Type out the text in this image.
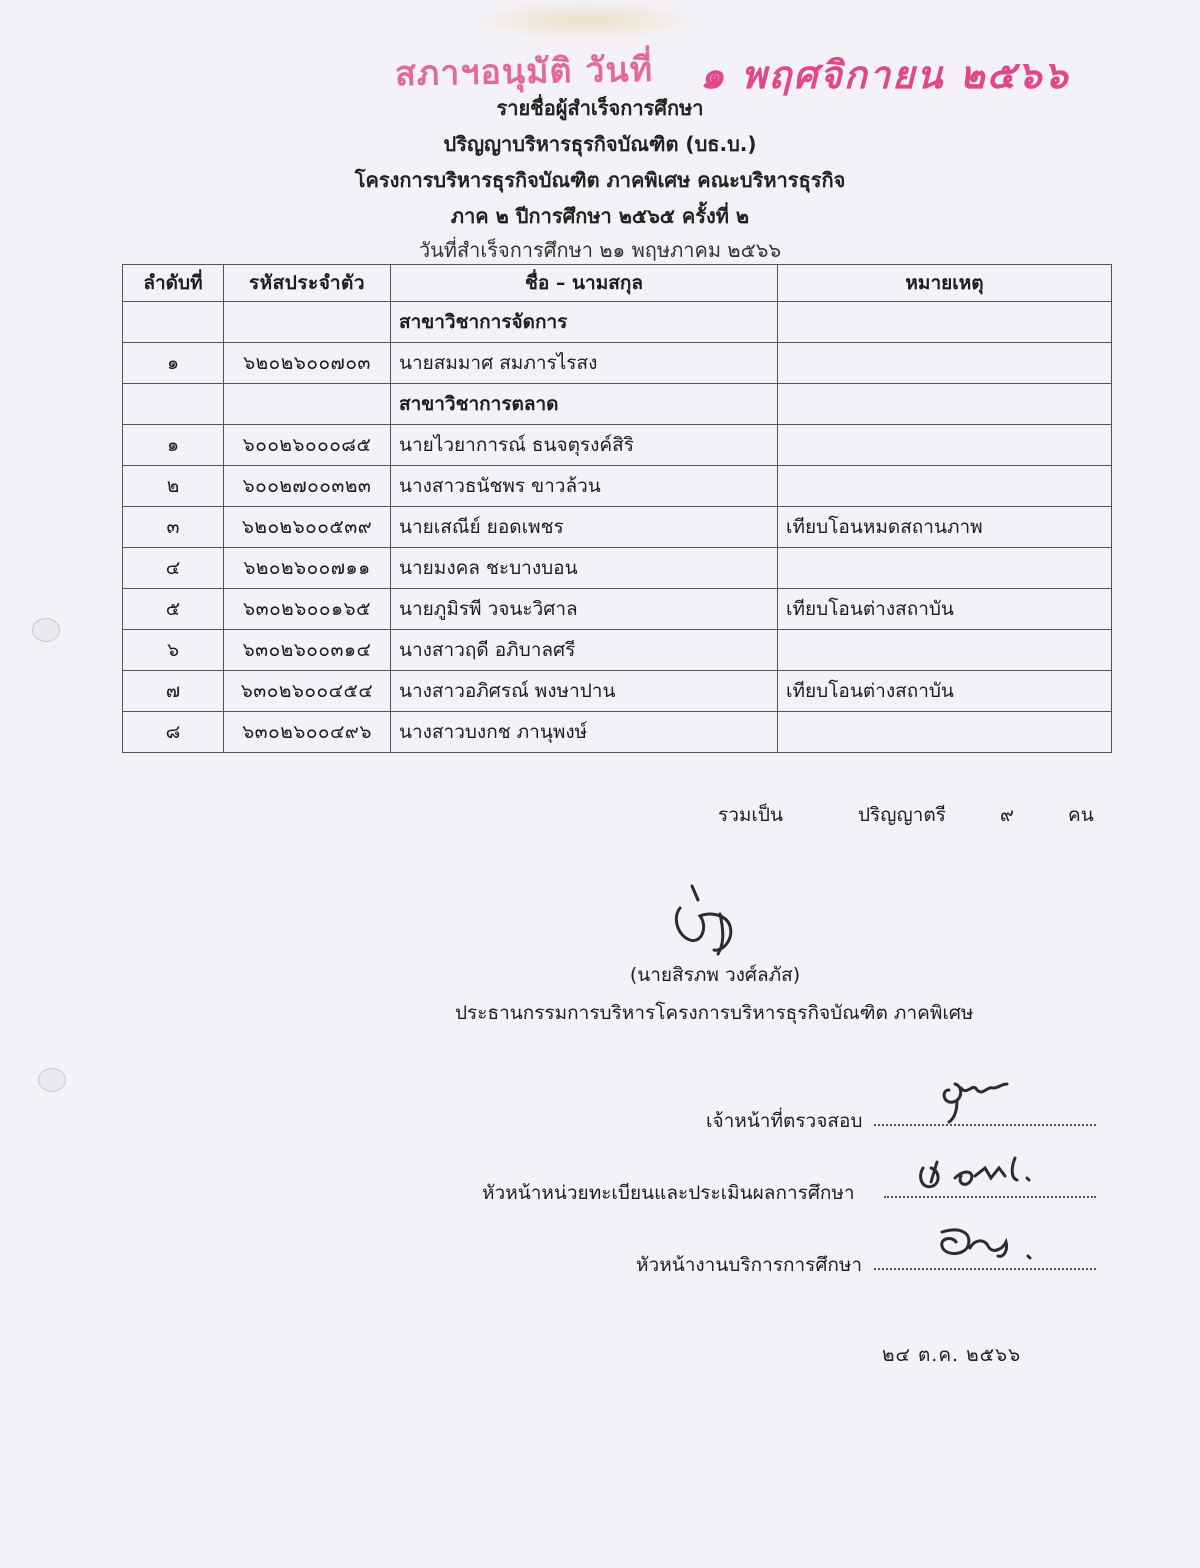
สภาฯอนุมัติ วันที่ ๑ พฤศจิกายน ๒๕๖๖
รายชื่อผู้สำเร็จการศึกษา
ปริญญาบริหารธุรกิจบัณฑิต (บธ.บ.)
โครงการบริหารธุรกิจบัณฑิต ภาคพิเศษ คณะบริหารธุรกิจ
ภาค ๒ ปีการศึกษา ๒๕๖๕ ครั้งที่ ๒
วันที่สำเร็จการศึกษา ๒๑ พฤษภาคม ๒๕๖๖
ลำดับที่	รหัสประจำตัว	ชื่อ – นามสกุล	หมายเหตุ
		สาขาวิชาการจัดการ	
๑	๖๒๐๒๖๐๐๗๐๓	นายสมมาศ สมภารไรสง	
		สาขาวิชาการตลาด	
๑	๖๐๐๒๖๐๐๐๘๕	นายไวยาการณ์ ธนจตุรงค์สิริ	
๒	๖๐๐๒๗๐๐๓๒๓	นางสาวธนัชพร ขาวล้วน	
๓	๖๒๐๒๖๐๐๕๓๙	นายเสณีย์ ยอดเพชร	เทียบโอนหมดสถานภาพ
๔	๖๒๐๒๖๐๐๗๑๑	นายมงคล ชะบางบอน	
๕	๖๓๐๒๖๐๐๑๖๕	นายภูมิรพี วจนะวิศาล	เทียบโอนต่างสถาบัน
๖	๖๓๐๒๖๐๐๓๑๔	นางสาวฤดี อภิบาลศรี	
๗	๖๓๐๒๖๐๐๔๕๔	นางสาวอภิศรณ์ พงษาปาน	เทียบโอนต่างสถาบัน
๘	๖๓๐๒๖๐๐๔๙๖	นางสาวบงกช ภานุพงษ์	
รวมเป็น	ปริญญาตรี	๙	คน
(นายสิรภพ วงศ์ลภัส)
ประธานกรรมการบริหารโครงการบริหารธุรกิจบัณฑิต ภาคพิเศษ
เจ้าหน้าที่ตรวจสอบ
หัวหน้าหน่วยทะเบียนและประเมินผลการศึกษา
หัวหน้างานบริการการศึกษา
๒๔ ต.ค. ๒๕๖๖
